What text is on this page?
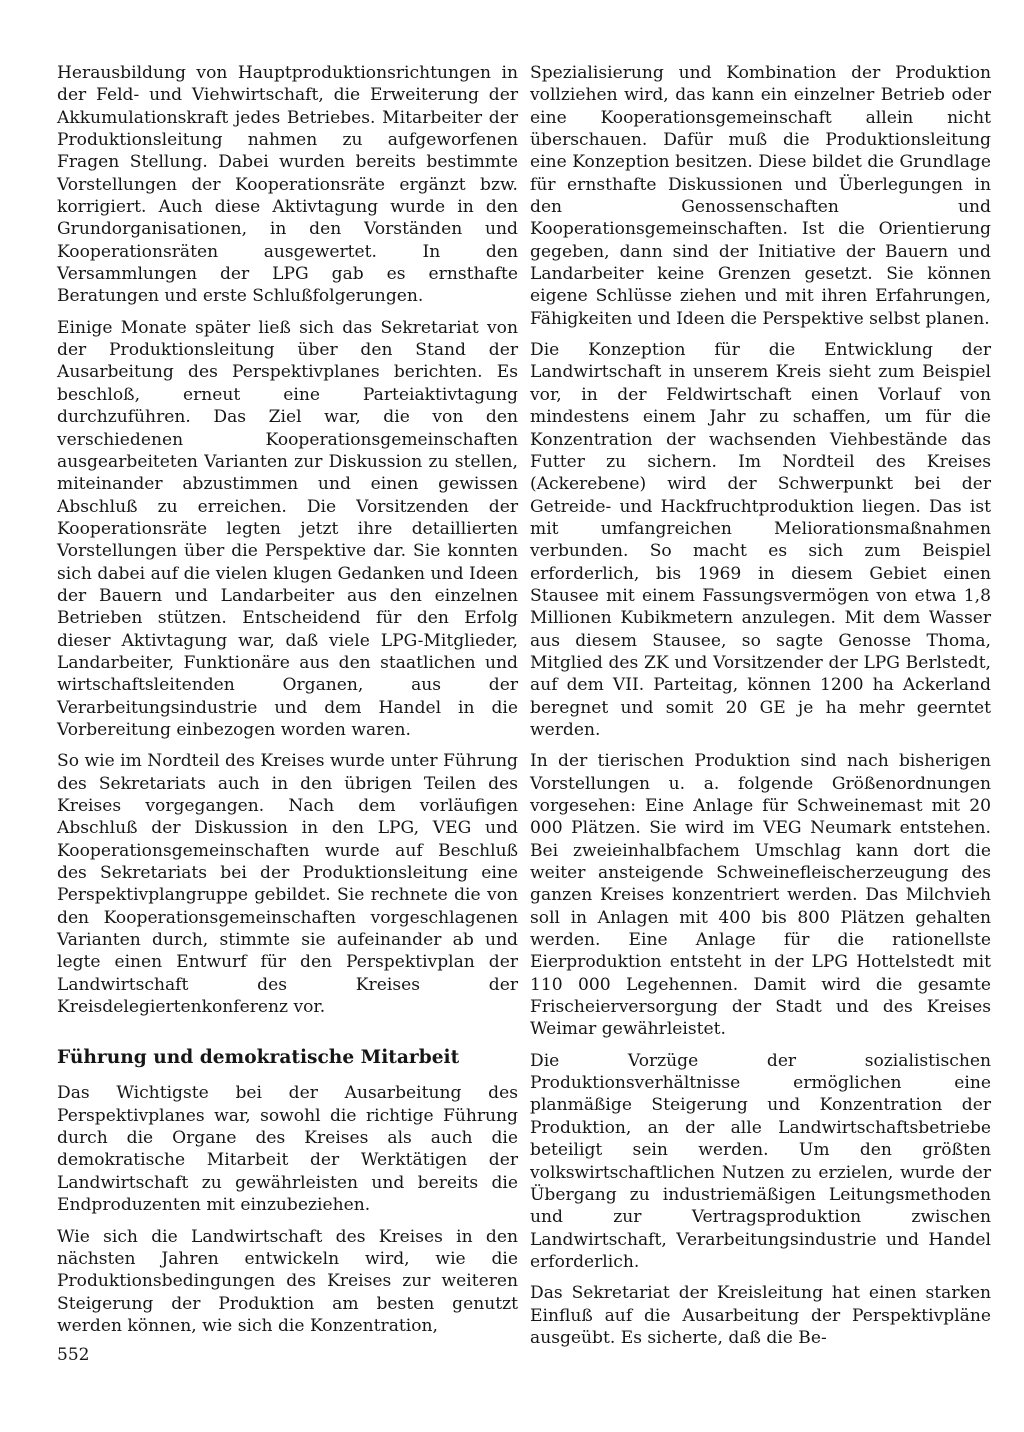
Herausbildung von Hauptproduktionsrichtungen in der Feld- und Viehwirtschaft, die Erweiterung der Akkumulationskraft jedes Betriebes. Mitarbeiter der Produktionsleitung nahmen zu aufgeworfenen Fragen Stellung. Dabei wurden bereits bestimmte Vorstellungen der Kooperationsräte ergänzt bzw. korrigiert. Auch diese Aktivtagung wurde in den Grundorganisationen, in den Vorständen und Kooperationsräten ausgewertet. In den Versammlungen der LPG gab es ernsthafte Beratungen und erste Schlußfolgerungen.

Einige Monate später ließ sich das Sekretariat von der Produktionsleitung über den Stand der Ausarbeitung des Perspektivplanes berichten. Es beschloß, erneut eine Parteiaktivtagung durchzuführen. Das Ziel war, die von den verschiedenen Kooperationsgemeinschaften ausgearbeiteten Varianten zur Diskussion zu stellen, miteinander abzustimmen und einen gewissen Abschluß zu erreichen. Die Vorsitzenden der Kooperationsräte legten jetzt ihre detaillierten Vorstellungen über die Perspektive dar. Sie konnten sich dabei auf die vielen klugen Gedanken und Ideen der Bauern und Landarbeiter aus den einzelnen Betrieben stützen. Entscheidend für den Erfolg dieser Aktivtagung war, daß viele LPG-Mitglieder, Landarbeiter, Funktionäre aus den staatlichen und wirtschaftsleitenden Organen, aus der Verarbeitungsindustrie und dem Handel in die Vorbereitung einbezogen worden waren.

So wie im Nordteil des Kreises wurde unter Führung des Sekretariats auch in den übrigen Teilen des Kreises vorgegangen. Nach dem vorläufigen Abschluß der Diskussion in den LPG, VEG und Kooperationsgemeinschaften wurde auf Beschluß des Sekretariats bei der Produktionsleitung eine Perspektivplangruppe gebildet. Sie rechnete die von den Kooperationsgemeinschaften vorgeschlagenen Varianten durch, stimmte sie aufeinander ab und legte einen Entwurf für den Perspektivplan der Landwirtschaft des Kreises der Kreisdelegiertenkonferenz vor.

Führung und demokratische Mitarbeit

Das Wichtigste bei der Ausarbeitung des Perspektivplanes war, sowohl die richtige Führung durch die Organe des Kreises als auch die demokratische Mitarbeit der Werktätigen der Landwirtschaft zu gewährleisten und bereits die Endproduzenten mit einzubeziehen.

Wie sich die Landwirtschaft des Kreises in den nächsten Jahren entwickeln wird, wie die Produktionsbedingungen des Kreises zur weiteren Steigerung der Produktion am besten genutzt werden können, wie sich die Konzentration,

Spezialisierung und Kombination der Produktion vollziehen wird, das kann ein einzelner Betrieb oder eine Kooperationsgemeinschaft allein nicht überschauen. Dafür muß die Produktionsleitung eine Konzeption besitzen. Diese bildet die Grundlage für ernsthafte Diskussionen und Überlegungen in den Genossenschaften und Kooperationsgemeinschaften. Ist die Orientierung gegeben, dann sind der Initiative der Bauern und Landarbeiter keine Grenzen gesetzt. Sie können eigene Schlüsse ziehen und mit ihren Erfahrungen, Fähigkeiten und Ideen die Perspektive selbst planen.

Die Konzeption für die Entwicklung der Landwirtschaft in unserem Kreis sieht zum Beispiel vor, in der Feldwirtschaft einen Vorlauf von mindestens einem Jahr zu schaffen, um für die Konzentration der wachsenden Viehbestände das Futter zu sichern. Im Nordteil des Kreises (Ackerebene) wird der Schwerpunkt bei der Getreide- und Hackfruchtproduktion liegen. Das ist mit umfangreichen Meliorationsmaßnahmen verbunden. So macht es sich zum Beispiel erforderlich, bis 1969 in diesem Gebiet einen Stausee mit einem Fassungsvermögen von etwa 1,8 Millionen Kubikmetern anzulegen. Mit dem Wasser aus diesem Stausee, so sagte Genosse Thoma, Mitglied des ZK und Vorsitzender der LPG Berlstedt, auf dem VII. Parteitag, können 1200 ha Ackerland beregnet und somit 20 GE je ha mehr geerntet werden.

In der tierischen Produktion sind nach bisherigen Vorstellungen u. a. folgende Größenordnungen vorgesehen: Eine Anlage für Schweinemast mit 20 000 Plätzen. Sie wird im VEG Neumark entstehen. Bei zweieinhalbfachem Umschlag kann dort die weiter ansteigende Schweinefleischerzeugung des ganzen Kreises konzentriert werden. Das Milchvieh soll in Anlagen mit 400 bis 800 Plätzen gehalten werden. Eine Anlage für die rationellste Eierproduktion entsteht in der LPG Hottelstedt mit 110 000 Legehennen. Damit wird die gesamte Frischeierversorgung der Stadt und des Kreises Weimar gewährleistet.

Die Vorzüge der sozialistischen Produktionsverhältnisse ermöglichen eine planmäßige Steigerung und Konzentration der Produktion, an der alle Landwirtschaftsbetriebe beteiligt sein werden. Um den größten volkswirtschaftlichen Nutzen zu erzielen, wurde der Übergang zu industriemäßigen Leitungsmethoden und zur Vertragsproduktion zwischen Landwirtschaft, Verarbeitungsindustrie und Handel erforderlich.

Das Sekretariat der Kreisleitung hat einen starken Einfluß auf die Ausarbeitung der Perspektivpläne ausgeübt. Es sicherte, daß die Be-

552
